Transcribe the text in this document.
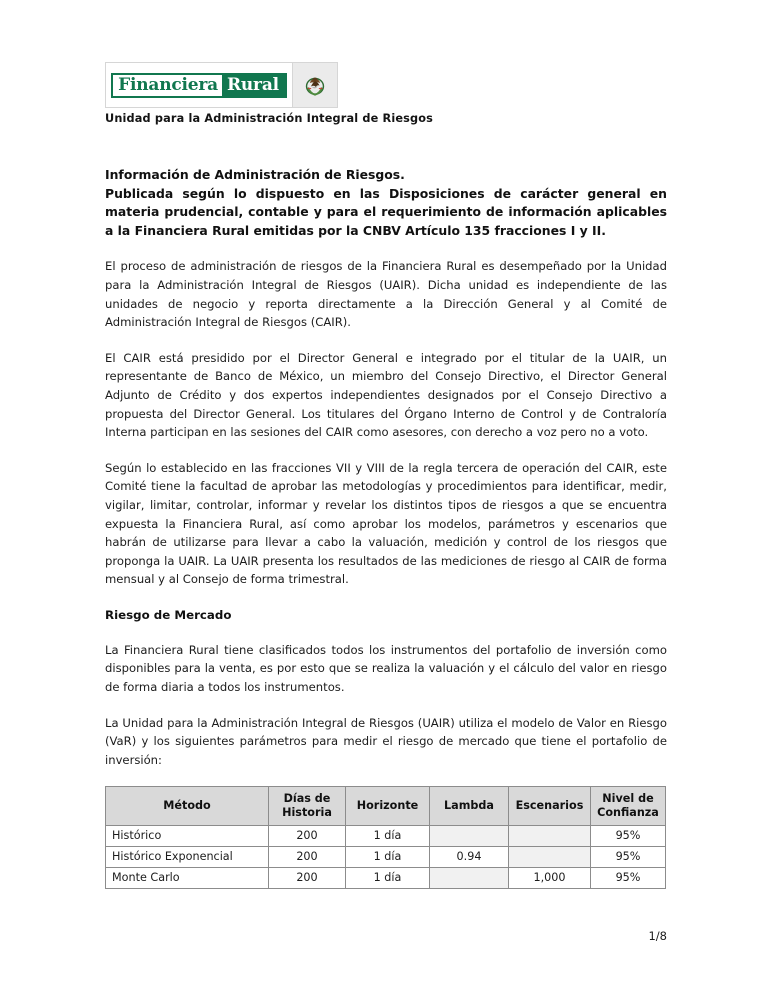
Financiera Rural
Unidad para la Administración Integral de Riesgos
Información de Administración de Riesgos.
Publicada según lo dispuesto en las Disposiciones de carácter general en materia prudencial, contable y para el requerimiento de información aplicables a la Financiera Rural emitidas por la CNBV Artículo 135 fracciones I y II.

El proceso de administración de riesgos de la Financiera Rural es desempeñado por la Unidad para la Administración Integral de Riesgos (UAIR). Dicha unidad es independiente de las unidades de negocio y reporta directamente a la Dirección General y al Comité de Administración Integral de Riesgos (CAIR).

El CAIR está presidido por el Director General e integrado por el titular de la UAIR, un representante de Banco de México, un miembro del Consejo Directivo, el Director General Adjunto de Crédito y dos expertos independientes designados por el Consejo Directivo a propuesta del Director General. Los titulares del Órgano Interno de Control y de Contraloría Interna participan en las sesiones del CAIR como asesores, con derecho a voz pero no a voto.

Según lo establecido en las fracciones VII y VIII de la regla tercera de operación del CAIR, este Comité tiene la facultad de aprobar las metodologías y procedimientos para identificar, medir, vigilar, limitar, controlar, informar y revelar los distintos tipos de riesgos a que se encuentra expuesta la Financiera Rural, así como aprobar los modelos, parámetros y escenarios que habrán de utilizarse para llevar a cabo la valuación, medición y control de los riesgos que proponga la UAIR. La UAIR presenta los resultados de las mediciones de riesgo al CAIR de forma mensual y al Consejo de forma trimestral.

Riesgo de Mercado

La Financiera Rural tiene clasificados todos los instrumentos del portafolio de inversión como disponibles para la venta, es por esto que se realiza la valuación y el cálculo del valor en riesgo de forma diaria a todos los instrumentos.

La Unidad para la Administración Integral de Riesgos (UAIR) utiliza el modelo de Valor en Riesgo (VaR) y los siguientes parámetros para medir el riesgo de mercado que tiene el portafolio de inversión:

Método	Días de Historia	Horizonte	Lambda	Escenarios	Nivel de Confianza
Histórico	200	1 día			95%
Histórico Exponencial	200	1 día	0.94		95%
Monte Carlo	200	1 día		1,000	95%
1/8
